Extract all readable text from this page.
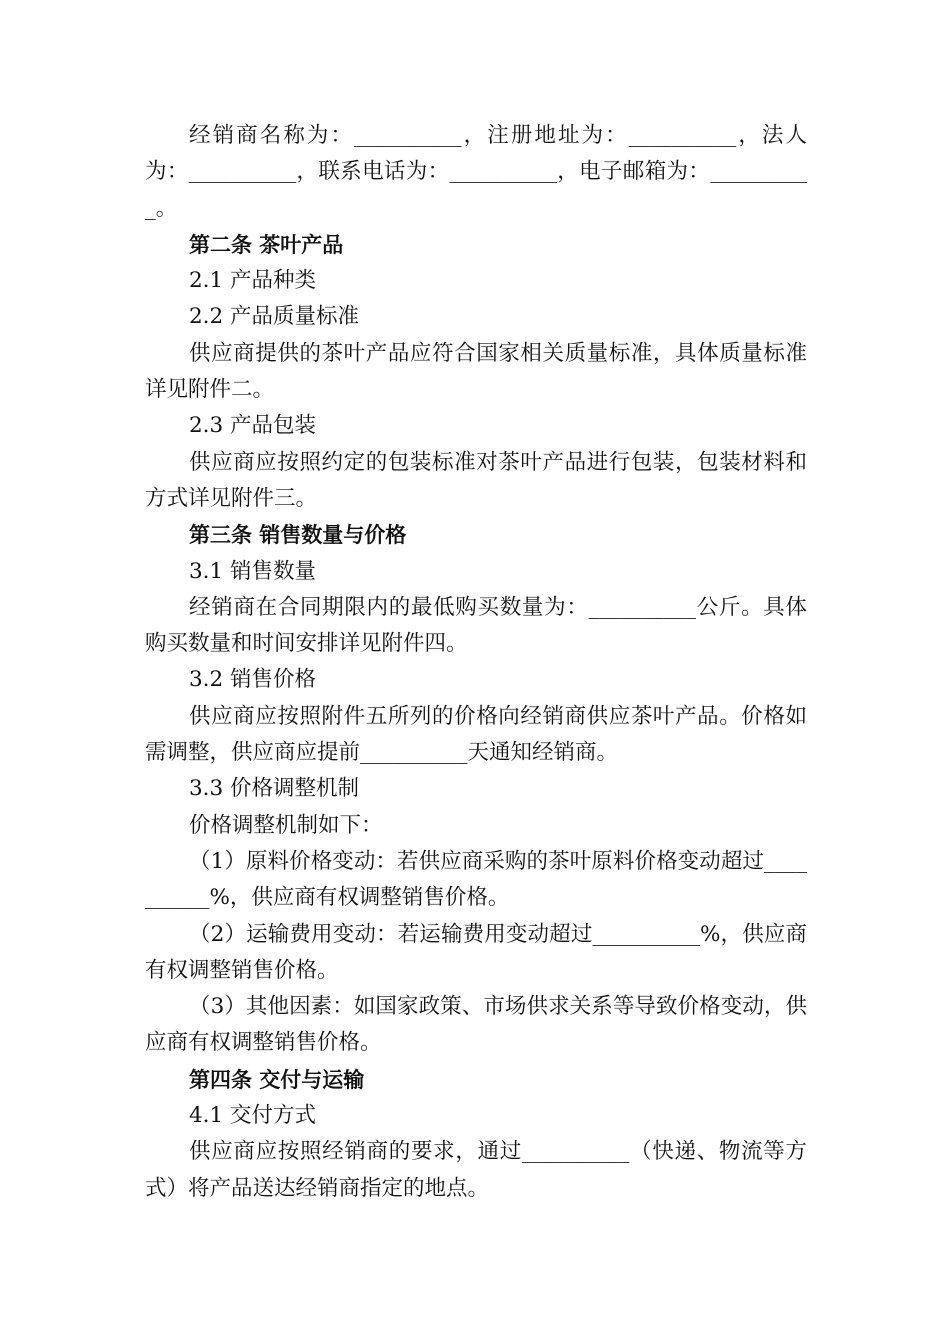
经销商名称为：__________，注册地址为：__________，法人为：__________，联系电话为：__________，电子邮箱为：__________。

第二条 茶叶产品

2.1 产品种类

2.2 产品质量标准

供应商提供的茶叶产品应符合国家相关质量标准，具体质量标准详见附件二。

2.3 产品包装

供应商应按照约定的包装标准对茶叶产品进行包装，包装材料和方式详见附件三。

第三条 销售数量与价格

3.1 销售数量

经销商在合同期限内的最低购买数量为：__________公斤。具体购买数量和时间安排详见附件四。

3.2 销售价格

供应商应按照附件五所列的价格向经销商供应茶叶产品。价格如需调整，供应商应提前__________天通知经销商。

3.3 价格调整机制

价格调整机制如下：

（1）原料价格变动：若供应商采购的茶叶原料价格变动超过__________%，供应商有权调整销售价格。

（2）运输费用变动：若运输费用变动超过__________%，供应商有权调整销售价格。

（3）其他因素：如国家政策、市场供求关系等导致价格变动，供应商有权调整销售价格。

第四条 交付与运输

4.1 交付方式

供应商应按照经销商的要求，通过__________（快递、物流等方式）将产品送达经销商指定的地点。
